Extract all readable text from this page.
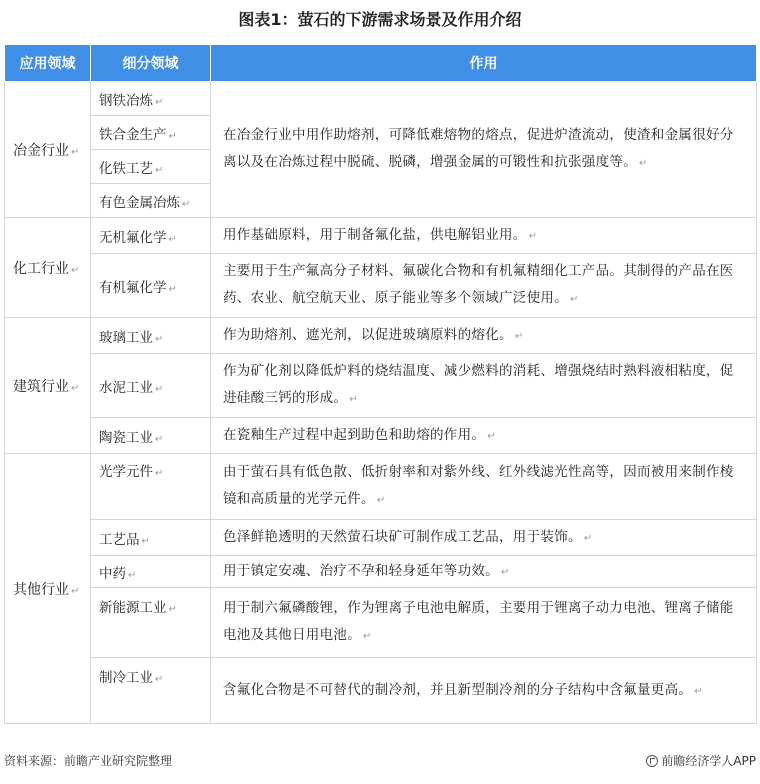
图表1：萤石的下游需求场景及作用介绍
应用领域	细分领域	作用
冶金行业 ↵	钢铁冶炼 ↵	在冶金行业中用作助熔剂，可降低难熔物的熔点，促进炉渣流动，使渣和金属很好分离以及在冶炼过程中脱硫、脱磷，增强金属的可锻性和抗张强度等。 ↵
	铁合金生产 ↵	
	化铁工艺 ↵	
	有色金属冶炼 ↵	
化工行业 ↵	无机氟化学 ↵	用作基础原料，用于制备氟化盐，供电解铝业用。 ↵
	有机氟化学 ↵	主要用于生产氟高分子材料、氟碳化合物和有机氟精细化工产品。其制得的产品在医药、农业、航空航天业、原子能业等多个领域广泛使用。 ↵
建筑行业 ↵	玻璃工业 ↵	作为助熔剂、遮光剂，以促进玻璃原料的熔化。 ↵
	水泥工业 ↵	作为矿化剂以降低炉料的烧结温度、减少燃料的消耗、增强烧结时熟料液相粘度，促进硅酸三钙的形成。 ↵
	陶瓷工业 ↵	在瓷釉生产过程中起到助色和助熔的作用。 ↵
其他行业 ↵	光学元件 ↵	由于萤石具有低色散、低折射率和对紫外线、红外线滤光性高等，因而被用来制作棱镜和高质量的光学元件。 ↵
	工艺品 ↵	色泽鲜艳透明的天然萤石块矿可制作成工艺品，用于装饰。 ↵
	中药 ↵	用于镇定安魂、治疗不孕和轻身延年等功效。 ↵
	新能源工业 ↵	用于制六氟磷酸锂，作为锂离子电池电解质，主要用于锂离子动力电池、锂离子储能电池及其他日用电池。 ↵
	制冷工业 ↵	含氟化合物是不可替代的制冷剂，并且新型制冷剂的分子结构中含氟量更高。 ↵
资料来源：前瞻产业研究院整理	前瞻经济学人APP
